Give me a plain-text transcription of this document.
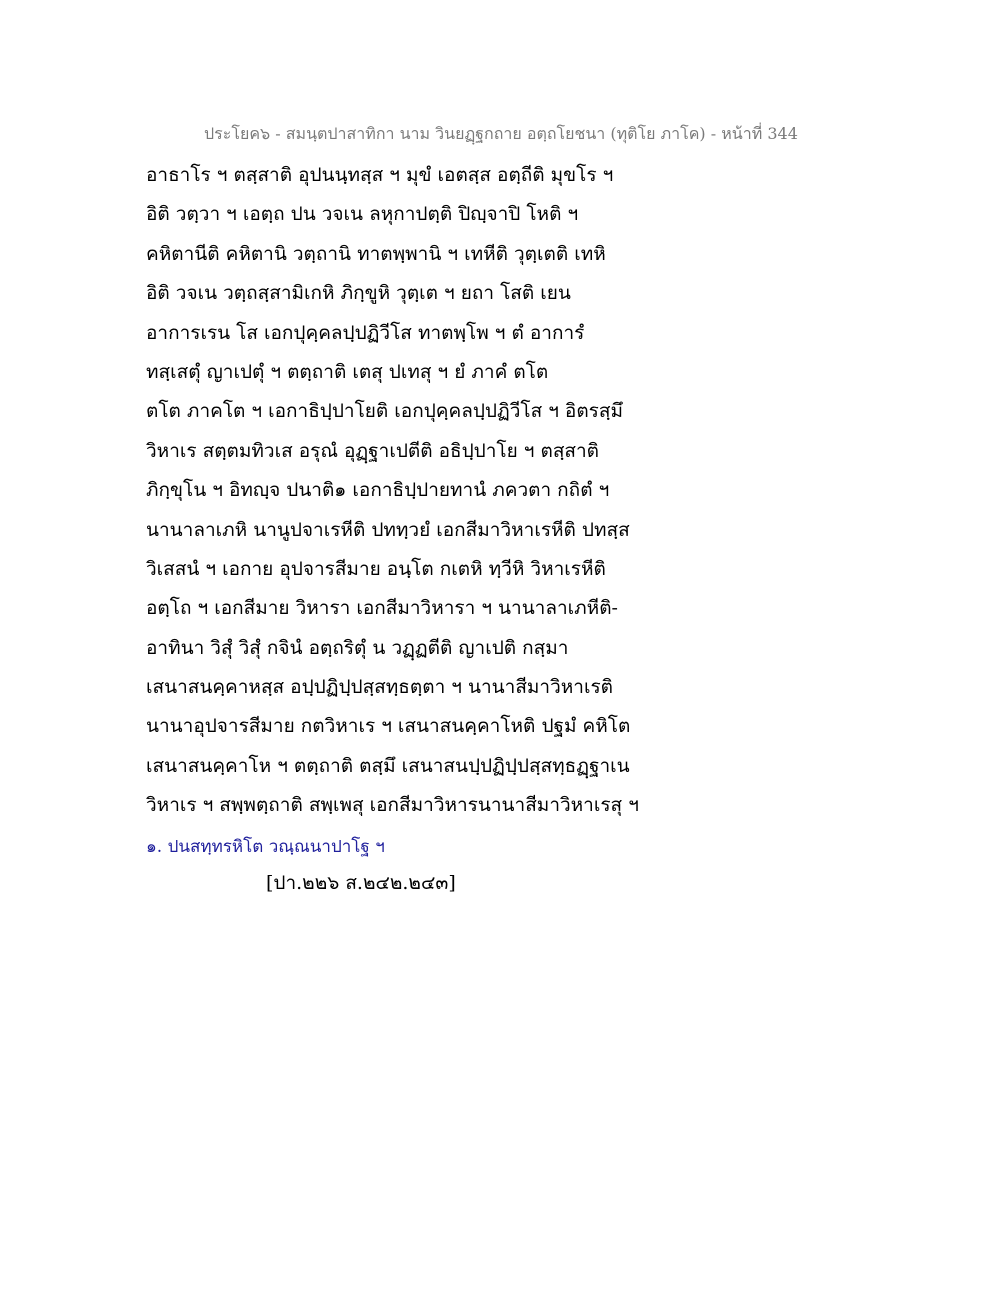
ประโยค๖ - สมนฺตปาสาทิกา นาม วินยฏฺฐกถาย อตฺถโยชนา (ทุติโย ภาโค) - หน้าที่ 344
อาธาโร ฯ ตสฺสาติ อุปนนฺทสฺส ฯ มุขํ เอตสฺส อตฺถีติ มุขโร ฯ
อิติ วตฺวา ฯ เอตฺถ ปน วจเน ลหุกาปตฺติ ปิญฺจาปิ โหติ ฯ
คหิตานีติ คหิตานิ วตฺถานิ ทาตพฺพานิ ฯ เทหีติ วุตฺเตติ เทหิ
อิติ วจเน วตฺถสฺสามิเกหิ ภิกฺขูหิ วุตฺเต ฯ ยถา โสติ เยน
อาการเรน โส เอกปุคฺคลปฺปฏิวีโส ทาตพฺโพ ฯ ตํ อาการํ
ทสฺเสตุํ ญาเปตุํ ฯ ตตฺถาติ เตสุ ปเทสุ ฯ ยํ ภาคํ ตโต
ตโต ภาคโต ฯ เอกาธิปฺปาโยติ เอกปุคฺคลปฺปฏิวีโส ฯ อิตรสฺมึ
วิหาเร สตฺตมทิวเส อรุณํ อุฏฺฐาเปตีติ อธิปฺปาโย ฯ ตสฺสาติ
ภิกฺขุโน ฯ อิทญฺจ ปนาติ๑ เอกาธิปฺปายทานํ ภควตา กถิตํ ฯ
นานาลาเภหิ นานูปจาเรหีติ ปททฺวยํ เอกสีมาวิหาเรหีติ ปทสฺส
วิเสสนํ ฯ เอกาย อุปจารสีมาย อนฺโต กเตหิ ทฺวีหิ วิหาเรหีติ
อตฺโถ ฯ เอกสีมาย วิหารา เอกสีมาวิหารา ฯ นานาลาเภหีติ-
อาทินา วิสุํ วิสุํ กจินํ อตฺถริตุํ น วฏฺฏตีติ ญาเปติ กสฺมา
เสนาสนคฺคาหสฺส อปฺปฏิปฺปสฺสทฺธตฺตา ฯ นานาสีมาวิหาเรติ
นานาอุปจารสีมาย กตวิหาเร ฯ เสนาสนคฺคาโหติ ปฐมํ คหิโต
เสนาสนคฺคาโห ฯ ตตฺถาติ ตสฺมึ เสนาสนปฺปฏิปฺปสฺสทฺธฏฺฐาเน
วิหาเร ฯ สพฺพตฺถาติ สพฺเพสุ เอกสีมาวิหารนานาสีมาวิหาเรสุ ฯ
๑. ปนสทฺทรหิโต วณฺณนาปาโฐ ฯ
[ปา.๒๒๖ ส.๒๔๒.๒๔๓]
